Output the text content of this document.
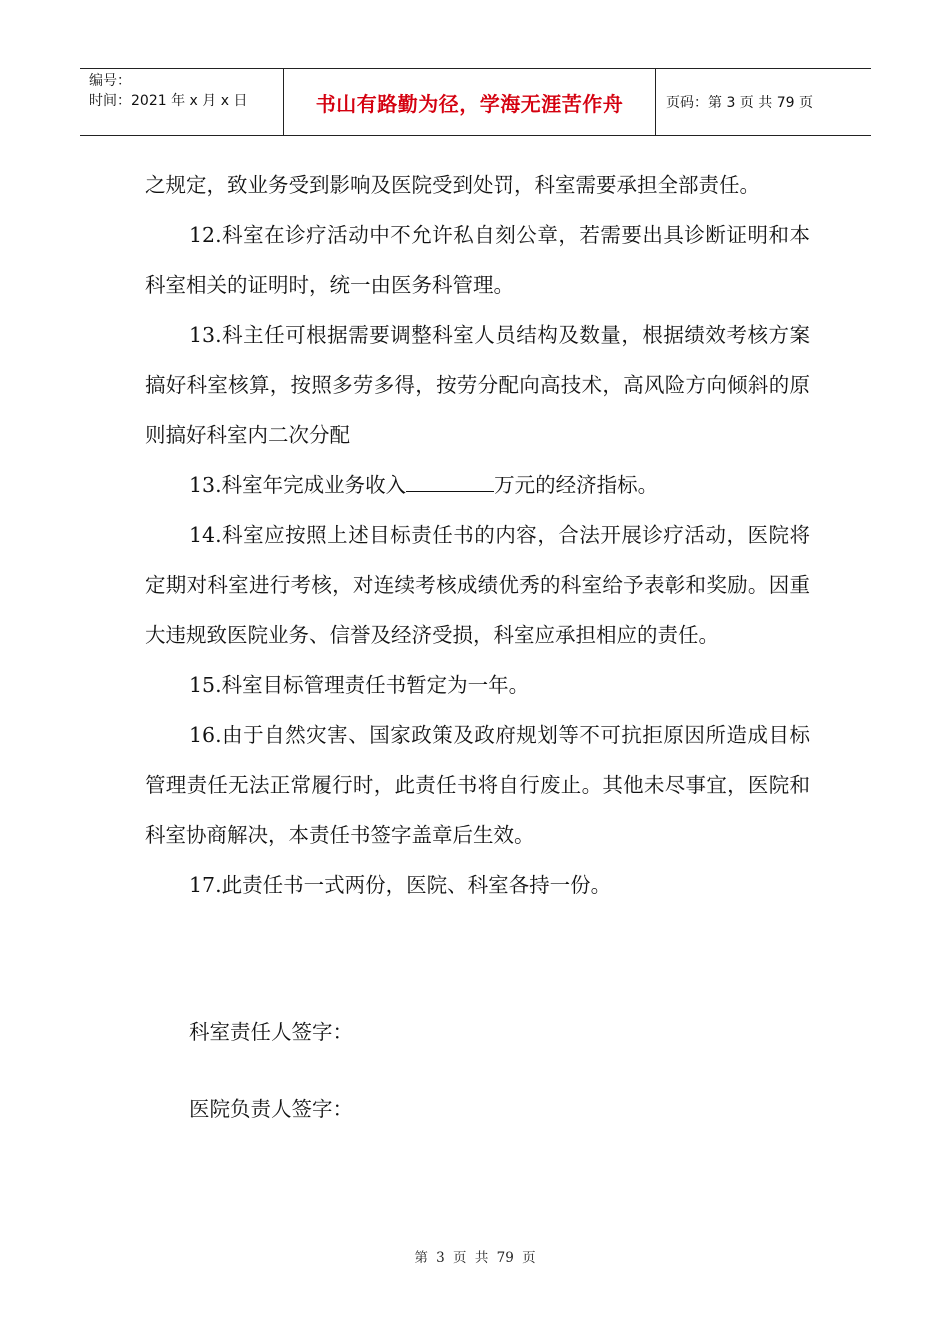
编号：
时间：2021 年 x 月 x 日	书山有路勤为径，学海无涯苦作舟	页码：第 3 页 共 79 页

之规定，致业务受到影响及医院受到处罚，科室需要承担全部责任。

12.科室在诊疗活动中不允许私自刻公章，若需要出具诊断证明和本科室相关的证明时，统一由医务科管理。

13.科主任可根据需要调整科室人员结构及数量，根据绩效考核方案搞好科室核算，按照多劳多得，按劳分配向高技术，高风险方向倾斜的原则搞好科室内二次分配

13.科室年完成业务收入	万元的经济指标。

14.科室应按照上述目标责任书的内容，合法开展诊疗活动，医院将定期对科室进行考核，对连续考核成绩优秀的科室给予表彰和奖励。因重大违规致医院业务、信誉及经济受损，科室应承担相应的责任。

15.科室目标管理责任书暂定为一年。

16.由于自然灾害、国家政策及政府规划等不可抗拒原因所造成目标管理责任无法正常履行时，此责任书将自行废止。其他未尽事宜，医院和科室协商解决，本责任书签字盖章后生效。

17.此责任书一式两份，医院、科室各持一份。

科室责任人签字：
医院负责人签字：
第 3 页 共 79 页
